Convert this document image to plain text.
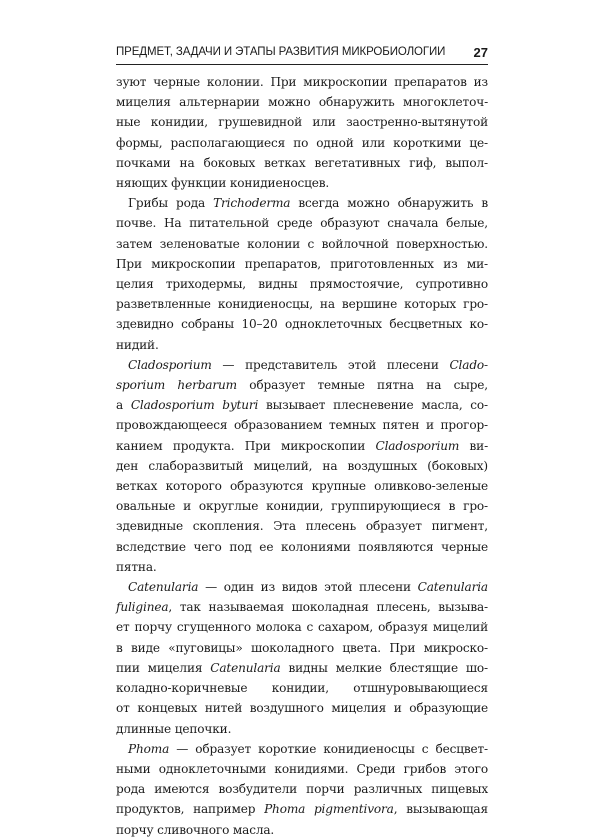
ПРЕДМЕТ, ЗАДАЧИ И ЭТАПЫ РАЗВИТИЯ МИКРОБИОЛОГИИ 27

зуют черные колонии. При микроскопии препаратов из
мицелия альтернарии можно обнаружить многоклеточ-
ные конидии, грушевидной или заостренно-вытянутой
формы, располагающиеся по одной или короткими це-
почками на боковых ветках вегетативных гиф, выпол-
няющих функции конидиеносцев.

Грибы рода Trichoderma всегда можно обнаружить в
почве. На питательной среде образуют сначала белые,
затем зеленоватые колонии с войлочной поверхностью.
При микроскопии препаратов, приготовленных из ми-
целия триходермы, видны прямостоячие, супротивно
разветвленные конидиеносцы, на вершине которых гро-
здевидно собраны 10–20 одноклеточных бесцветных ко-
нидий.

Cladosporium — представитель этой плесени Clado-
sporium herbarum образует темные пятна на сыре,
а Cladosporium byturi вызывает плесневение масла, со-
провождающееся образованием темных пятен и прогор-
канием продукта. При микроскопии Cladosporium ви-
ден слаборазвитый мицелий, на воздушных (боковых)
ветках которого образуются крупные оливково-зеленые
овальные и округлые конидии, группирующиеся в гро-
здевидные скопления. Эта плесень образует пигмент,
вследствие чего под ее колониями появляются черные
пятна.

Catenularia — один из видов этой плесени Catenularia
fuliginea, так называемая шоколадная плесень, вызыва-
ет порчу сгущенного молока с сахаром, образуя мицелий
в виде «пуговицы» шоколадного цвета. При микроско-
пии мицелия Catenularia видны мелкие блестящие шо-
коладно-коричневые конидии, отшнуровывающиеся
от концевых нитей воздушного мицелия и образующие
длинные цепочки.

Phoma — образует короткие конидиеносцы с бесцвет-
ными одноклеточными конидиями. Среди грибов этого
рода имеются возбудители порчи различных пищевых
продуктов, например Phoma pigmentivora, вызывающая
порчу сливочного масла.
